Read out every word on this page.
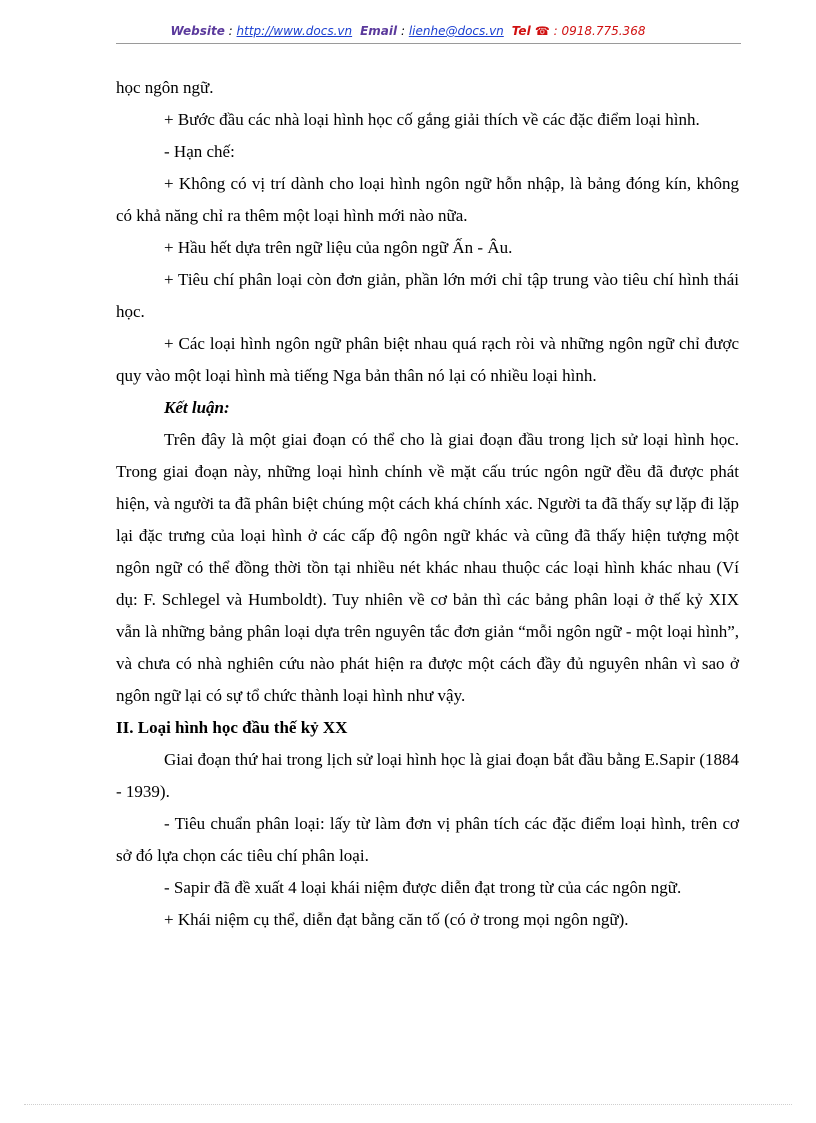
Website : http://www.docs.vn Email : lienhe@docs.vn Tel ☎ : 0918.775.368

học ngôn ngữ.

+ Bước đầu các nhà loại hình học cố gắng giải thích về các đặc điểm loại hình.

- Hạn chế:

+ Không có vị trí dành cho loại hình ngôn ngữ hỗn nhập, là bảng đóng kín, không có khả năng chỉ ra thêm một loại hình mới nào nữa.

+ Hầu hết dựa trên ngữ liệu của ngôn ngữ Ấn - Âu.

+ Tiêu chí phân loại còn đơn giản, phần lớn mới chỉ tập trung vào tiêu chí hình thái học.

+ Các loại hình ngôn ngữ phân biệt nhau quá rạch ròi và những ngôn ngữ chỉ được quy vào một loại hình mà tiếng Nga bản thân nó lại có nhiều loại hình.

Kết luận:

Trên đây là một giai đoạn có thể cho là giai đoạn đầu trong lịch sử loại hình học. Trong giai đoạn này, những loại hình chính về mặt cấu trúc ngôn ngữ đều đã được phát hiện, và người ta đã phân biệt chúng một cách khá chính xác. Người ta đã thấy sự lặp đi lặp lại đặc trưng của loại hình ở các cấp độ ngôn ngữ khác và cũng đã thấy hiện tượng một ngôn ngữ có thể đồng thời tồn tại nhiều nét khác nhau thuộc các loại hình khác nhau (Ví dụ: F. Schlegel và Humboldt). Tuy nhiên về cơ bản thì các bảng phân loại ở thế kỷ XIX vẫn là những bảng phân loại dựa trên nguyên tắc đơn giản “mỗi ngôn ngữ - một loại hình”, và chưa có nhà nghiên cứu nào phát hiện ra được một cách đầy đủ nguyên nhân vì sao ở ngôn ngữ lại có sự tổ chức thành loại hình như vậy.

II. Loại hình học đầu thế kỷ XX

Giai đoạn thứ hai trong lịch sử loại hình học là giai đoạn bắt đầu bằng E.Sapir (1884 - 1939).

- Tiêu chuẩn phân loại: lấy từ làm đơn vị phân tích các đặc điểm loại hình, trên cơ sở đó lựa chọn các tiêu chí phân loại.

- Sapir đã đề xuất 4 loại khái niệm được diễn đạt trong từ của các ngôn ngữ.

+ Khái niệm cụ thể, diễn đạt bằng căn tố (có ở trong mọi ngôn ngữ).
